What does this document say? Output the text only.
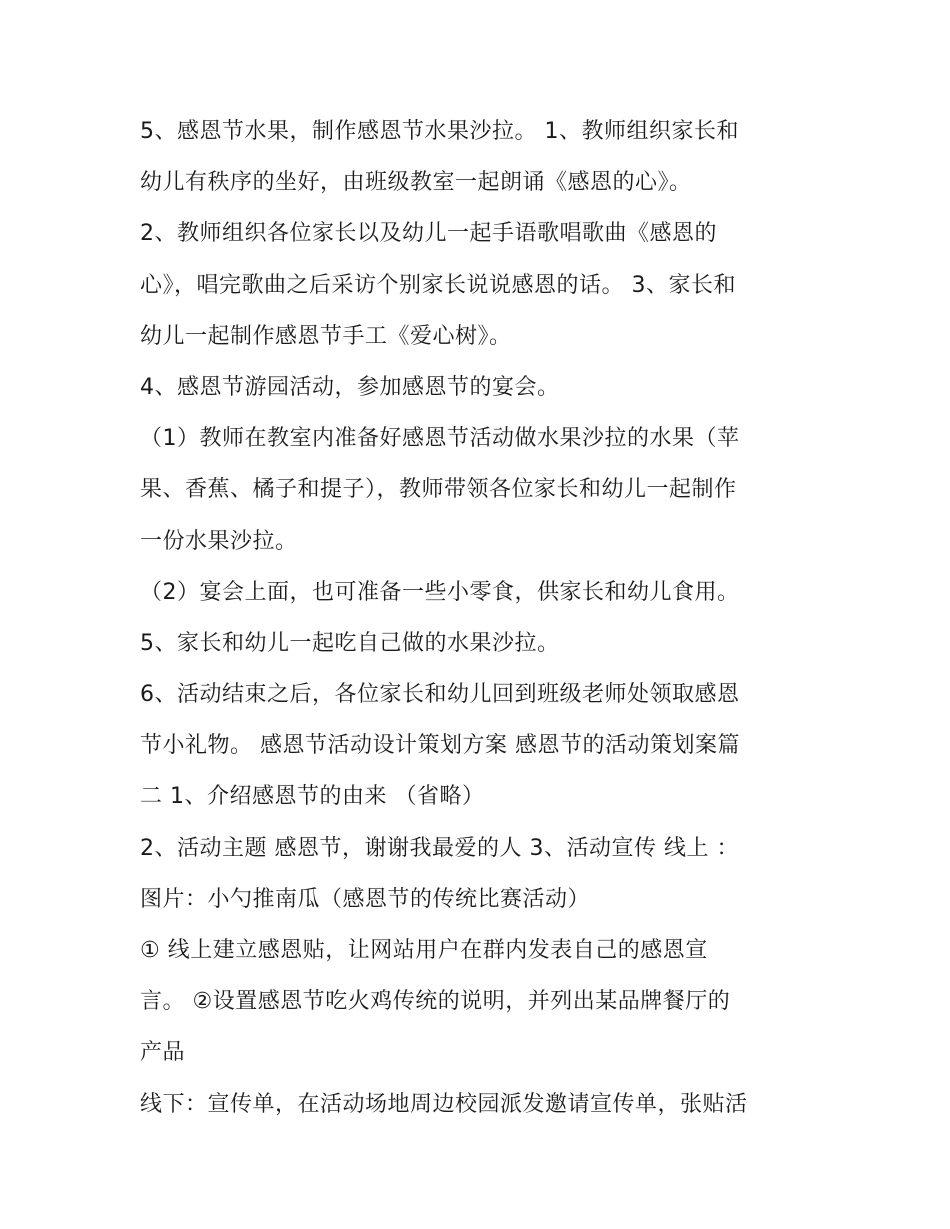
5、感恩节水果，制作感恩节水果沙拉。 1、教师组织家长和
幼儿有秩序的坐好，由班级教室一起朗诵《感恩的心》。
2、教师组织各位家长以及幼儿一起手语歌唱歌曲《感恩的
心》，唱完歌曲之后采访个别家长说说感恩的话。 3、家长和
幼儿一起制作感恩节手工《爱心树》。
4、感恩节游园活动，参加感恩节的宴会。
（1）教师在教室内准备好感恩节活动做水果沙拉的水果（苹
果、香蕉、橘子和提子），教师带领各位家长和幼儿一起制作
一份水果沙拉。
（2）宴会上面，也可准备一些小零食，供家长和幼儿食用。
5、家长和幼儿一起吃自己做的水果沙拉。
6、活动结束之后，各位家长和幼儿回到班级老师处领取感恩
节小礼物。 感恩节活动设计策划方案 感恩节的活动策划案篇
二 1、介绍感恩节的由来 （省略）
2、活动主题 感恩节，谢谢我最爱的人 3、活动宣传 线上 ：
图片：小勺推南瓜（感恩节的传统比赛活动）
① 线上建立感恩贴，让网站用户在群内发表自己的感恩宣
言。 ②设置感恩节吃火鸡传统的说明，并列出某品牌餐厅的
产品
线下：宣传单，在活动场地周边校园派发邀请宣传单，张贴活
